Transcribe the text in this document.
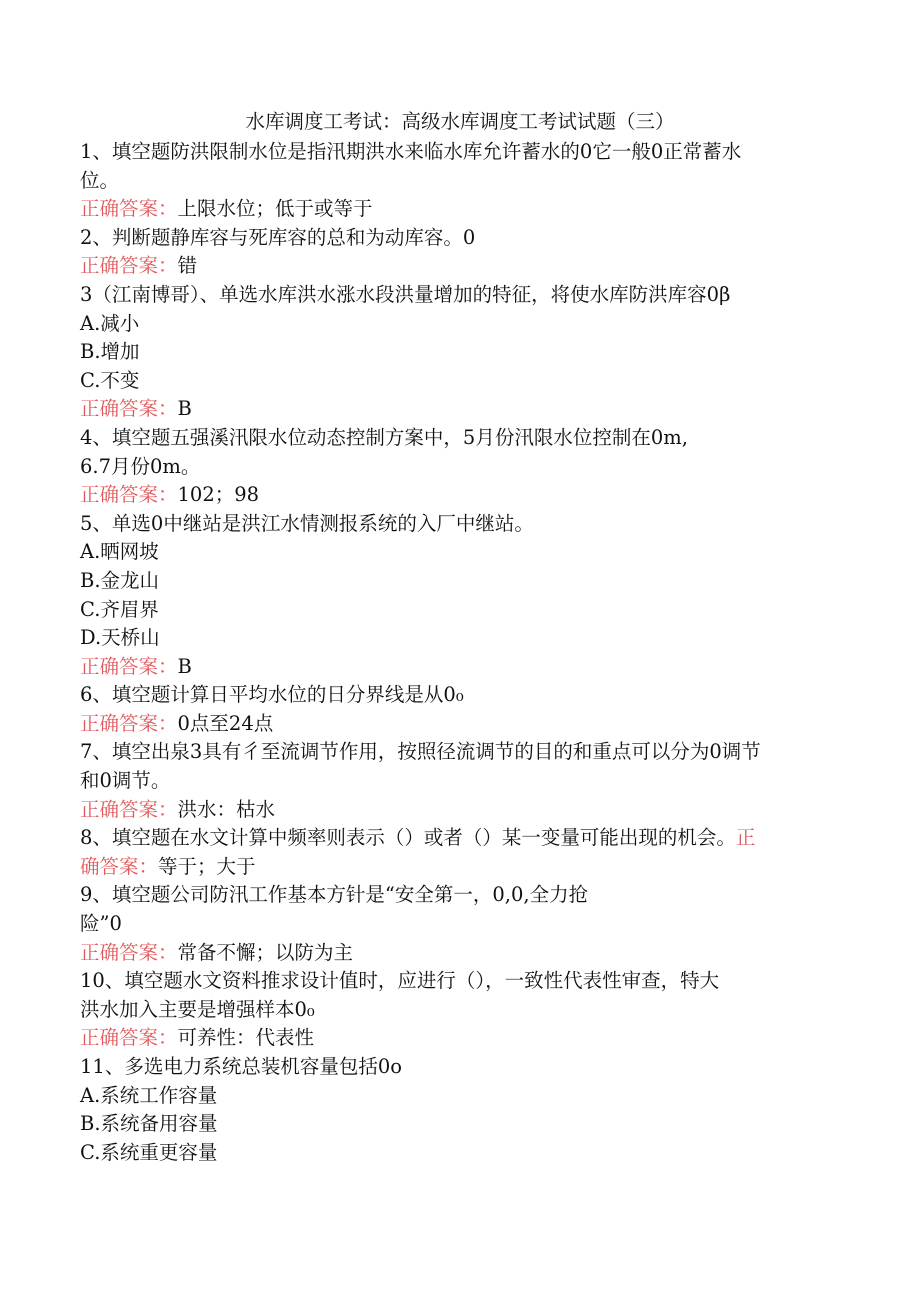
水库调度工考试：高级水库调度工考试试题（三）
1、填空题防洪限制水位是指汛期洪水来临水库允许蓄水的0它一般0正常蓄水
位。
正确答案：上限水位；低于或等于
2、判断题静库容与死库容的总和为动库容。0
正确答案：错
3（江南博哥）、单选水库洪水涨水段洪量增加的特征，将使水库防洪库容0β
A.减小
B.增加
C.不变
正确答案：B
4、填空题五强溪汛限水位动态控制方案中，5月份汛限水位控制在0m,
6.7月份0m。
正确答案：102；98
5、单选0中继站是洪江水情测报系统的入厂中继站。
A.晒网坡
B.金龙山
C.齐眉界
D.天桥山
正确答案：B
6、填空题计算日平均水位的日分界线是从0₀
正确答案：0点至24点
7、填空出泉3具有彳至流调节作用，按照径流调节的目的和重点可以分为0调节
和0调节。
正确答案：洪水：枯水
8、填空题在水文计算中频率则表示（）或者（）某一变量可能出现的机会。正
确答案：等于；大于
9、填空题公司防汛工作基本方针是“安全第一，0,0,全力抢
险”0
正确答案：常备不懈；以防为主
10、填空题水文资料推求设计值时，应进行（），一致性代表性审查，特大
洪水加入主要是增强样本0₀
正确答案：可养性：代表性
11、多选电力系统总装机容量包括0o
A.系统工作容量
B.系统备用容量
C.系统重更容量
